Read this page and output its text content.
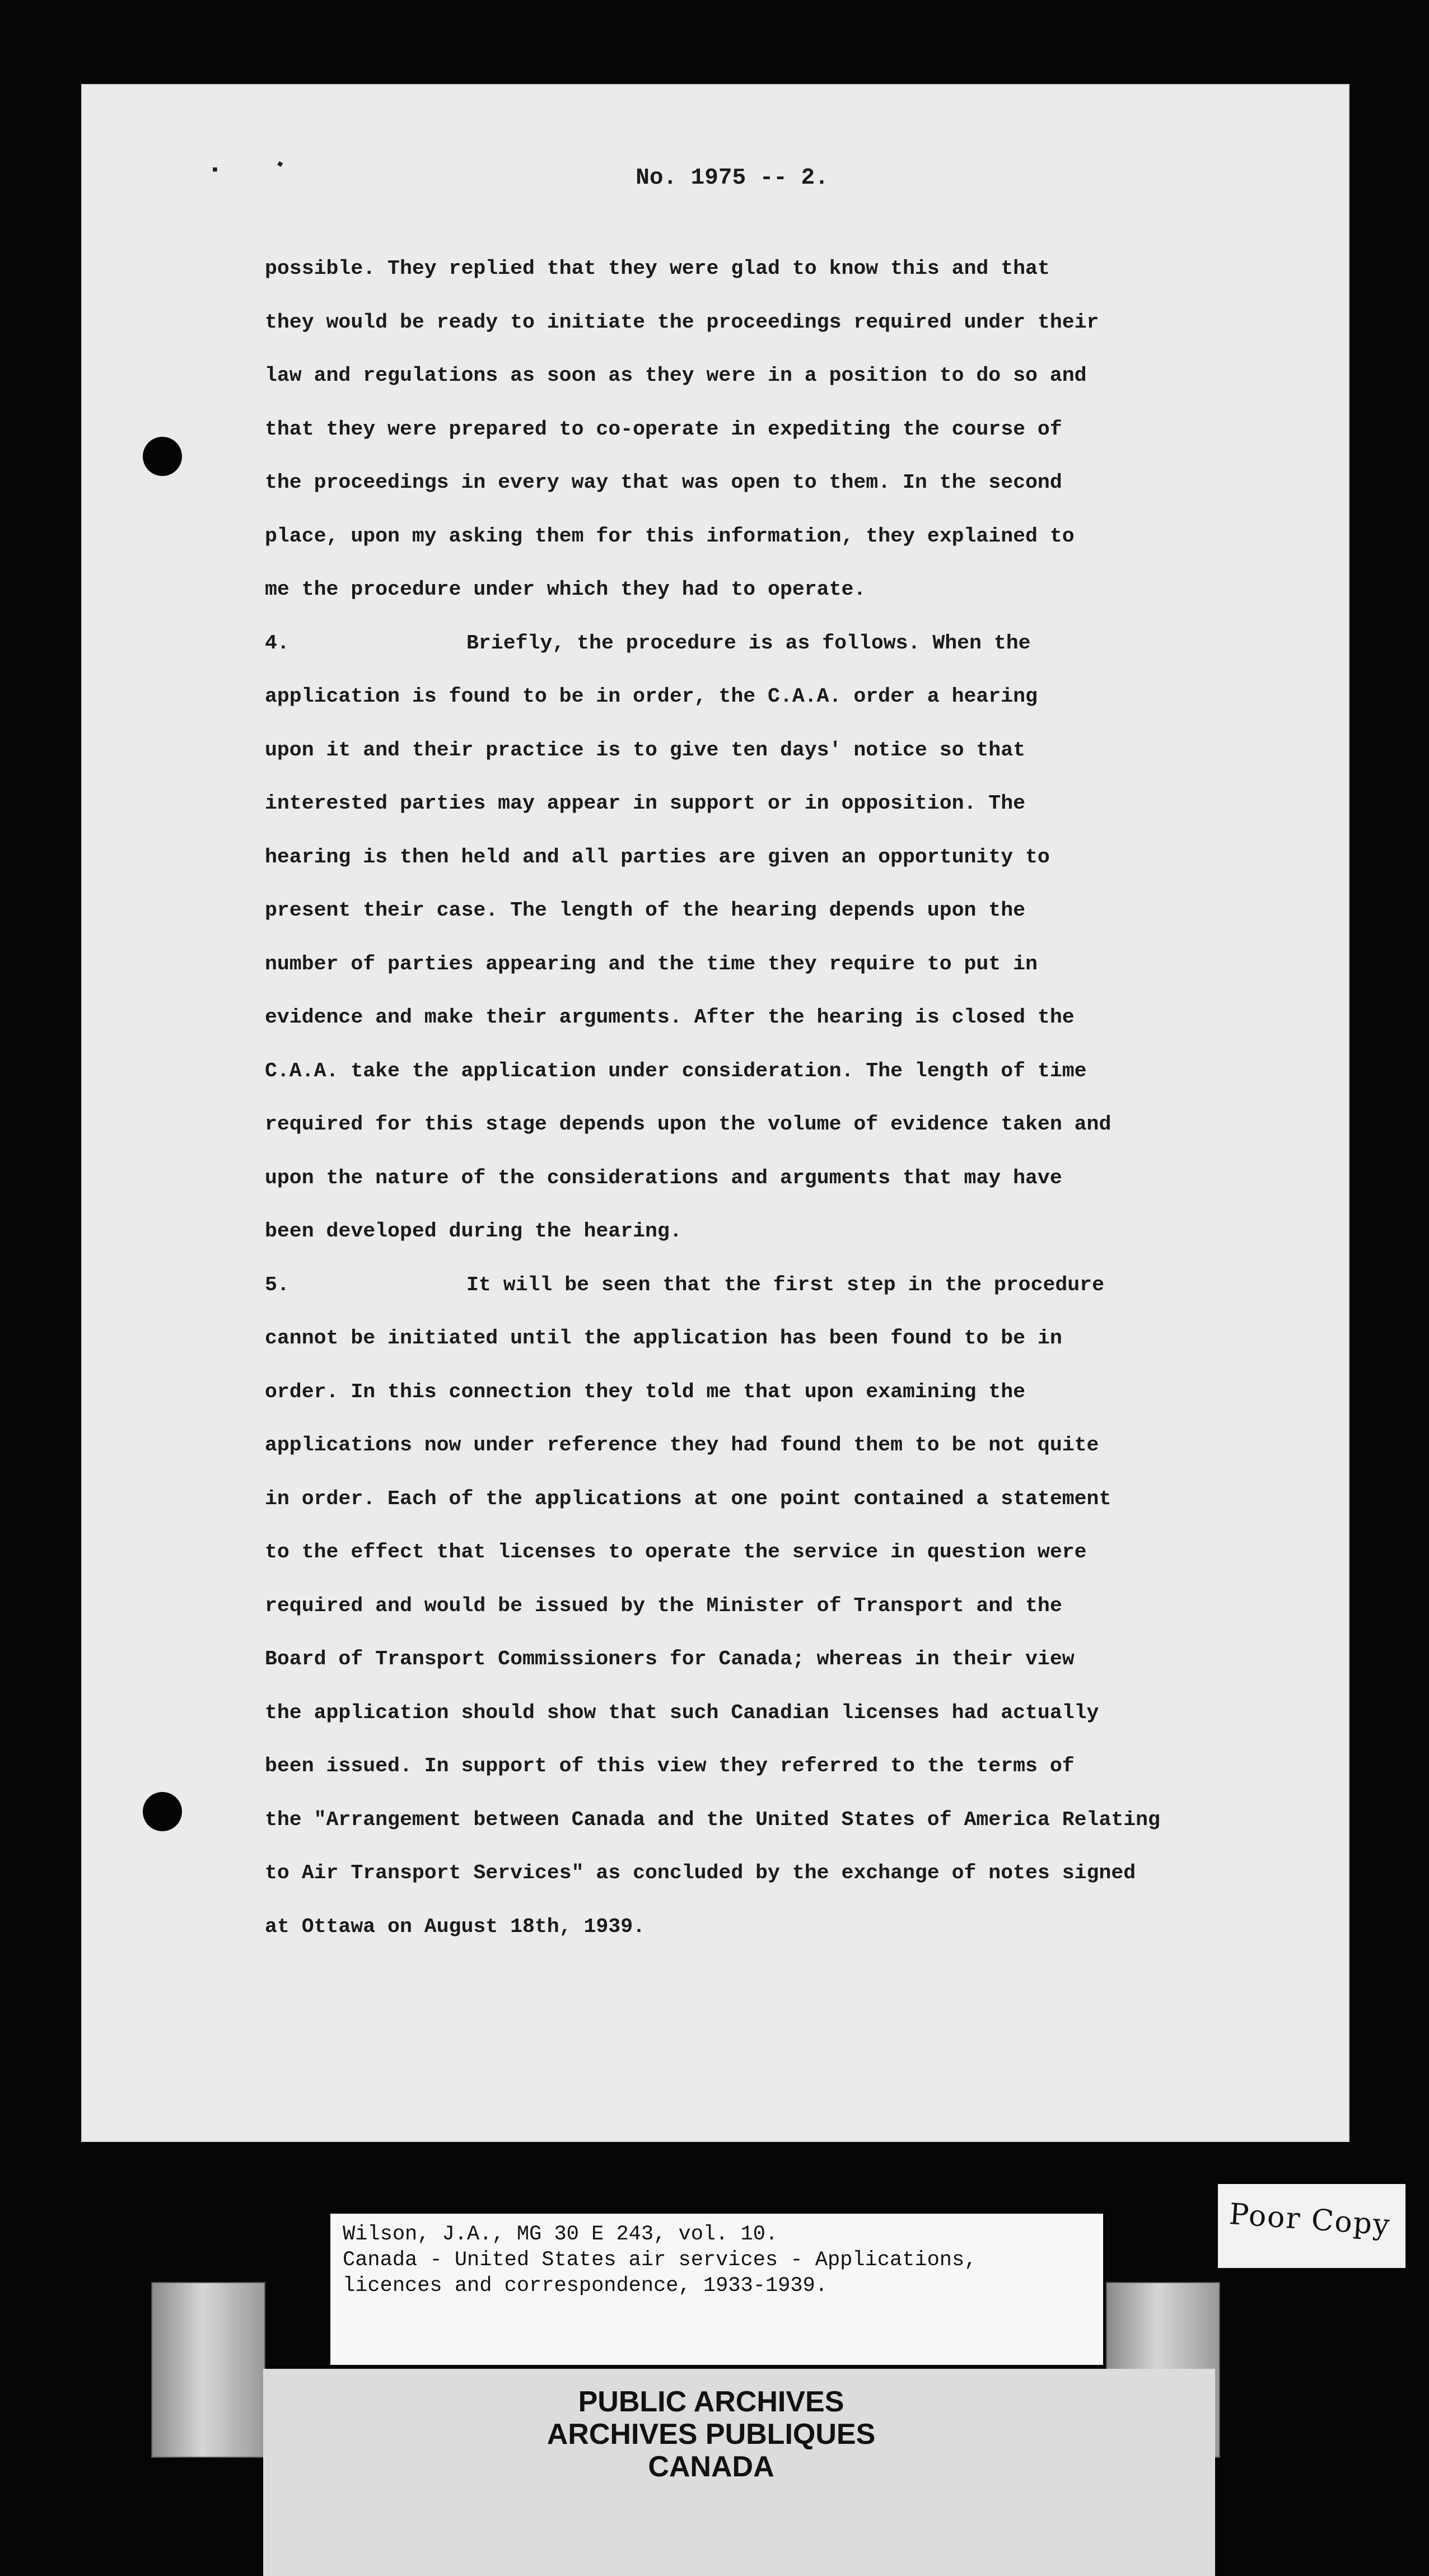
▪	▪
No. 1975 -- 2.
possible. They replied that they were glad to know this and that
they would be ready to initiate the proceedings required under their
law and regulations as soon as they were in a position to do so and
that they were prepared to co-operate in expediting the course of
the proceedings in every way that was open to them. In the second
place, upon my asking them for this information, they explained to
me the procedure under which they had to operate.
4.	Briefly, the procedure is as follows. When the
application is found to be in order, the C.A.A. order a hearing
upon it and their practice is to give ten days' notice so that
interested parties may appear in support or in opposition. The
hearing is then held and all parties are given an opportunity to
present their case. The length of the hearing depends upon the
number of parties appearing and the time they require to put in
evidence and make their arguments. After the hearing is closed the
C.A.A. take the application under consideration. The length of time
required for this stage depends upon the volume of evidence taken and
upon the nature of the considerations and arguments that may have
been developed during the hearing.
5.	It will be seen that the first step in the procedure
cannot be initiated until the application has been found to be in
order. In this connection they told me that upon examining the
applications now under reference they had found them to be not quite
in order. Each of the applications at one point contained a statement
to the effect that licenses to operate the service in question were
required and would be issued by the Minister of Transport and the
Board of Transport Commissioners for Canada; whereas in their view
the application should show that such Canadian licenses had actually
been issued. In support of this view they referred to the terms of
the "Arrangement between Canada and the United States of America Relating
to Air Transport Services" as concluded by the exchange of notes signed
at Ottawa on August 18th, 1939.
Wilson, J.A., MG 30 E 243, vol. 10.
Canada - United States air services - Applications,
licences and correspondence, 1933-1939.
PUBLIC ARCHIVES
ARCHIVES PUBLIQUES
CANADA
Poor Copy
